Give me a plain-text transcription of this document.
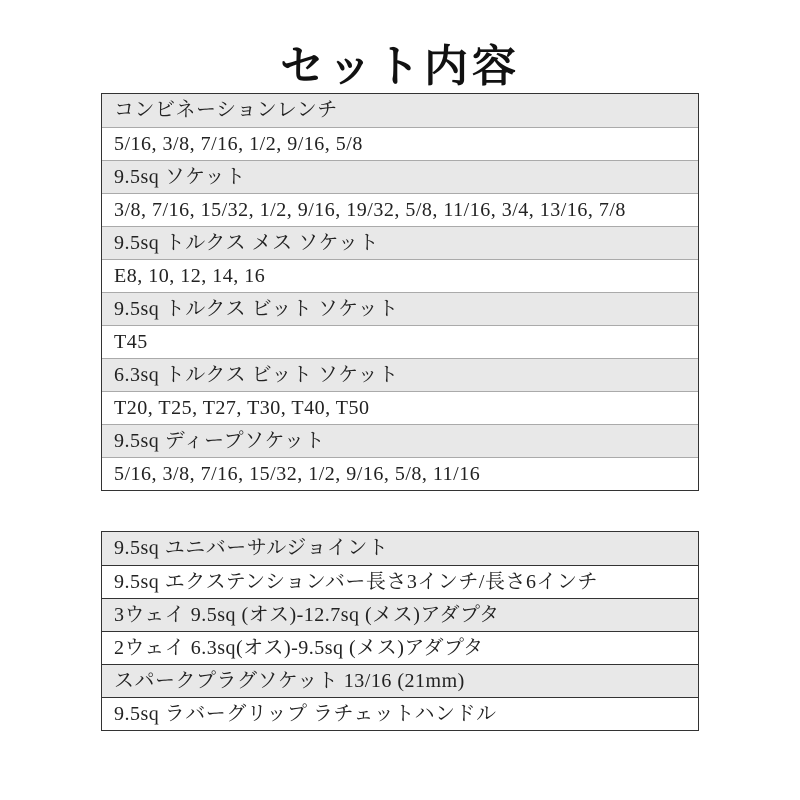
セット内容
コンビネーションレンチ
5/16, 3/8, 7/16, 1/2, 9/16, 5/8
9.5sq ソケット
3/8, 7/16, 15/32, 1/2, 9/16, 19/32, 5/8, 11/16, 3/4, 13/16, 7/8
9.5sq トルクス メス ソケット
E8, 10, 12, 14, 16
9.5sq トルクス ビット ソケット
T45
6.3sq トルクス ビット ソケット
T20, T25, T27, T30, T40, T50
9.5sq ディープソケット
5/16, 3/8, 7/16, 15/32, 1/2, 9/16, 5/8, 11/16
9.5sq ユニバーサルジョイント
9.5sq エクステンションバー長さ3インチ/長さ6インチ
3ウェイ 9.5sq (オス)-12.7sq (メス)アダプタ
2ウェイ 6.3sq(オス)-9.5sq (メス)アダプタ
スパークプラグソケット 13/16 (21mm)
9.5sq ラバーグリップ ラチェットハンドル
